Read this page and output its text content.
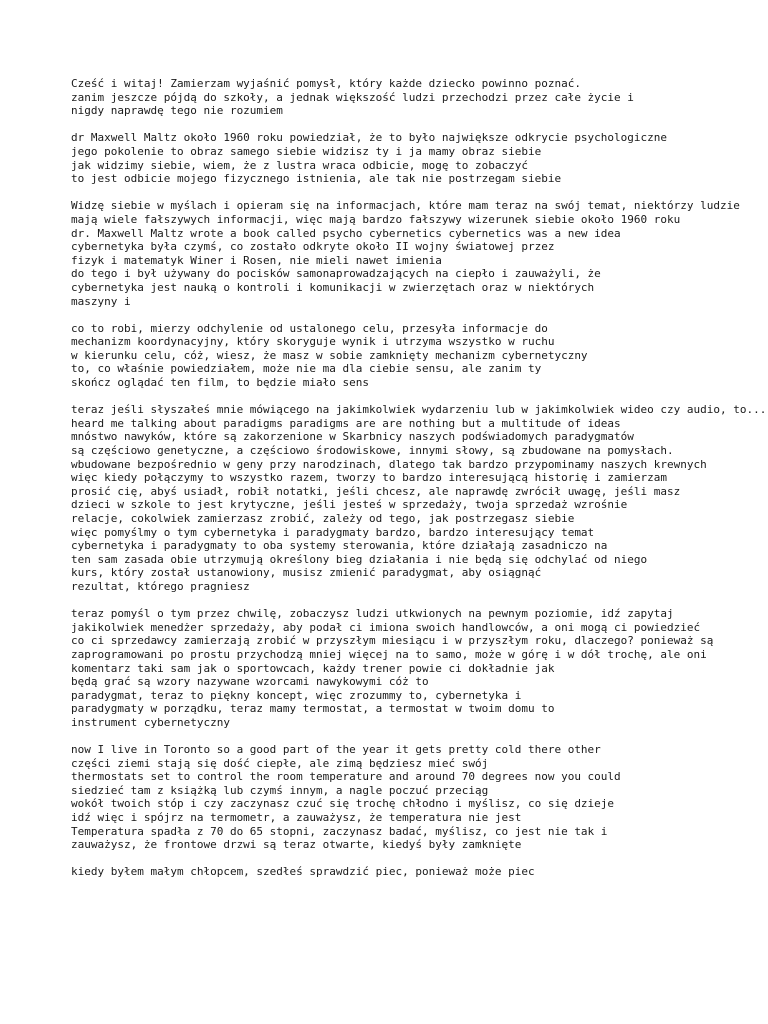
Cześć i witaj! Zamierzam wyjaśnić pomysł, który każde dziecko powinno poznać.
zanim jeszcze pójdą do szkoły, a jednak większość ludzi przechodzi przez całe życie i
nigdy naprawdę tego nie rozumiem
dr Maxwell Maltz około 1960 roku powiedział, że to było największe odkrycie psychologiczne
jego pokolenie to obraz samego siebie widzisz ty i ja mamy obraz siebie
jak widzimy siebie, wiem, że z lustra wraca odbicie, mogę to zobaczyć
to jest odbicie mojego fizycznego istnienia, ale tak nie postrzegam siebie
Widzę siebie w myślach i opieram się na informacjach, które mam teraz na swój temat, niektórzy ludzie
mają wiele fałszywych informacji, więc mają bardzo fałszywy wizerunek siebie około 1960 roku
dr. Maxwell Maltz wrote a book called psycho cybernetics cybernetics was a new idea
cybernetyka była czymś, co zostało odkryte około II wojny światowej przez
fizyk i matematyk Winer i Rosen, nie mieli nawet imienia
do tego i był używany do pocisków samonaprowadzających na ciepło i zauważyli, że
cybernetyka jest nauką o kontroli i komunikacji w zwierzętach oraz w niektórych
maszyny i
co to robi, mierzy odchylenie od ustalonego celu, przesyła informacje do
mechanizm koordynacyjny, który skoryguje wynik i utrzyma wszystko w ruchu
w kierunku celu, cóż, wiesz, że masz w sobie zamknięty mechanizm cybernetyczny
to, co właśnie powiedziałem, może nie ma dla ciebie sensu, ale zanim ty
skończ oglądać ten film, to będzie miało sens
teraz jeśli słyszałeś mnie mówiącego na jakimkolwiek wydarzeniu lub w jakimkolwiek wideo czy audio, to...
heard me talking about paradigms paradigms are are nothing but a multitude of ideas
mnóstwo nawyków, które są zakorzenione w Skarbnicy naszych podświadomych paradygmatów
są częściowo genetyczne, a częściowo środowiskowe, innymi słowy, są zbudowane na pomysłach.
wbudowane bezpośrednio w geny przy narodzinach, dlatego tak bardzo przypominamy naszych krewnych
więc kiedy połączymy to wszystko razem, tworzy to bardzo interesującą historię i zamierzam
prosić cię, abyś usiadł, robił notatki, jeśli chcesz, ale naprawdę zwrócił uwagę, jeśli masz
dzieci w szkole to jest krytyczne, jeśli jesteś w sprzedaży, twoja sprzedaż wzrośnie
relacje, cokolwiek zamierzasz zrobić, zależy od tego, jak postrzegasz siebie
więc pomyślmy o tym cybernetyka i paradygmaty bardzo, bardzo interesujący temat
cybernetyka i paradygmaty to oba systemy sterowania, które działają zasadniczo na
ten sam zasada obie utrzymują określony bieg działania i nie będą się odchylać od niego
kurs, który został ustanowiony, musisz zmienić paradygmat, aby osiągnąć
rezultat, którego pragniesz
teraz pomyśl o tym przez chwilę, zobaczysz ludzi utkwionych na pewnym poziomie, idź zapytaj
jakikolwiek menedżer sprzedaży, aby podał ci imiona swoich handlowców, a oni mogą ci powiedzieć
co ci sprzedawcy zamierzają zrobić w przyszłym miesiącu i w przyszłym roku, dlaczego? ponieważ są
zaprogramowani po prostu przychodzą mniej więcej na to samo, może w górę i w dół trochę, ale oni
komentarz taki sam jak o sportowcach, każdy trener powie ci dokładnie jak
będą grać są wzory nazywane wzorcami nawykowymi cóż to
paradygmat, teraz to piękny koncept, więc zrozummy to, cybernetyka i
paradygmaty w porządku, teraz mamy termostat, a termostat w twoim domu to
instrument cybernetyczny
now I live in Toronto so a good part of the year it gets pretty cold there other
części ziemi stają się dość ciepłe, ale zimą będziesz mieć swój
thermostats set to control the room temperature and around 70 degrees now you could
siedzieć tam z książką lub czymś innym, a nagle poczuć przeciąg
wokół twoich stóp i czy zaczynasz czuć się trochę chłodno i myślisz, co się dzieje
idź więc i spójrz na termometr, a zauważysz, że temperatura nie jest
Temperatura spadła z 70 do 65 stopni, zaczynasz badać, myślisz, co jest nie tak i
zauważysz, że frontowe drzwi są teraz otwarte, kiedyś były zamknięte
kiedy byłem małym chłopcem, szedłeś sprawdzić piec, ponieważ może piec
